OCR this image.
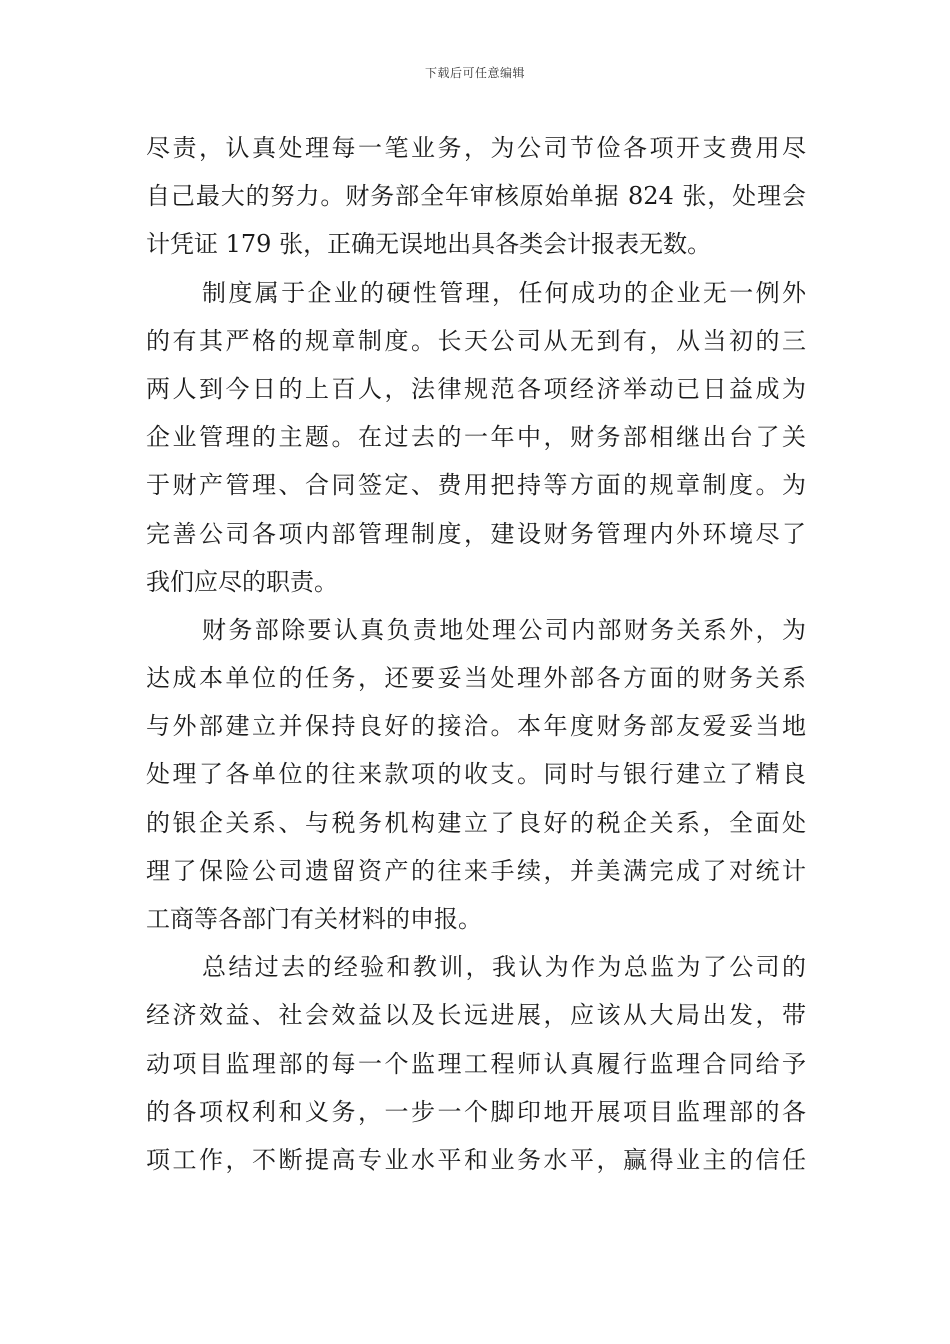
下载后可任意编辑
尽责，认真处理每一笔业务，为公司节俭各项开支费用尽
自己最大的努力。财务部全年审核原始单据 824 张，处理会
计凭证 179 张，正确无误地出具各类会计报表无数。
制度属于企业的硬性管理，任何成功的企业无一例外
的有其严格的规章制度。长天公司从无到有，从当初的三
两人到今日的上百人，法律规范各项经济举动已日益成为
企业管理的主题。在过去的一年中，财务部相继出台了关
于财产管理、合同签定、费用把持等方面的规章制度。为
完善公司各项内部管理制度，建设财务管理内外环境尽了
我们应尽的职责。
财务部除要认真负责地处理公司内部财务关系外，为
达成本单位的任务，还要妥当处理外部各方面的财务关系
与外部建立并保持良好的接洽。本年度财务部友爱妥当地
处理了各单位的往来款项的收支。同时与银行建立了精良
的银企关系、与税务机构建立了良好的税企关系，全面处
理了保险公司遗留资产的往来手续，并美满完成了对统计
工商等各部门有关材料的申报。
总结过去的经验和教训，我认为作为总监为了公司的
经济效益、社会效益以及长远进展，应该从大局出发，带
动项目监理部的每一个监理工程师认真履行监理合同给予
的各项权利和义务，一步一个脚印地开展项目监理部的各
项工作，不断提高专业水平和业务水平，赢得业主的信任
